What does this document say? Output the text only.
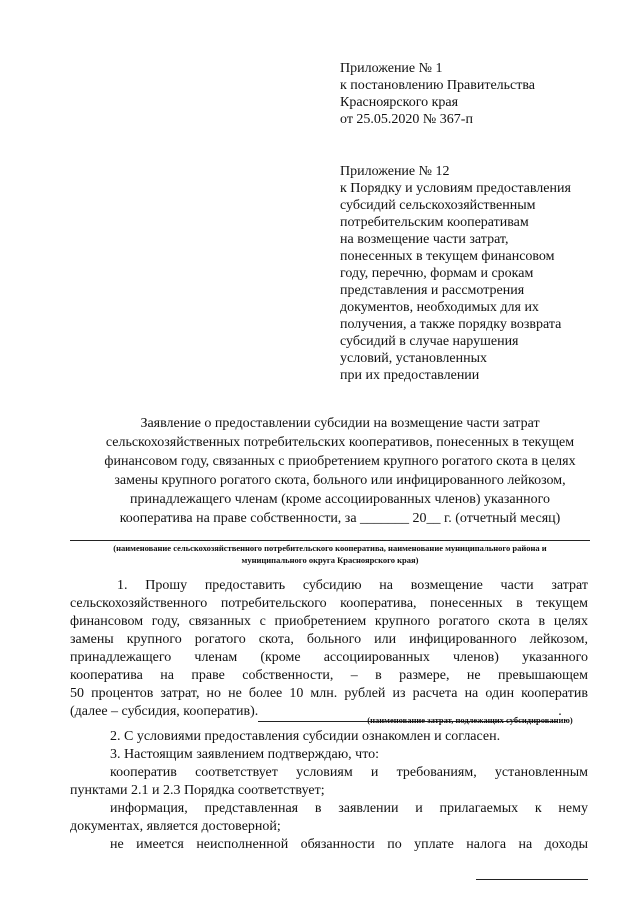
Приложение № 1
к постановлению Правительства
Красноярского края
от 25.05.2020 № 367-п
Приложение № 12
к Порядку и условиям предоставления
субсидий сельскохозяйственным
потребительским кооперативам
на возмещение части затрат,
понесенных в текущем финансовом
году, перечню, формам и срокам
представления и рассмотрения
документов, необходимых для их
получения, а также порядку возврата
субсидий в случае нарушения
условий, установленных
при их предоставлении
Заявление о предоставлении субсидии на возмещение части затрат
сельскохозяйственных потребительских кооперативов, понесенных в текущем
финансовом году, связанных с приобретением крупного рогатого скота в целях
замены крупного рогатого скота, больного или инфицированного лейкозом,
принадлежащего членам (кроме ассоциированных членов) указанного
кооператива на праве собственности, за _______ 20__ г. (отчетный месяц)
(наименование сельскохозяйственного потребительского кооператива, наименование муниципального района и
муниципального округа Красноярского края)
1. Прошу предоставить субсидию на возмещение части затрат
сельскохозяйственного потребительского кооператива, понесенных в текущем
финансовом году, связанных с приобретением крупного рогатого скота в целях
замены крупного рогатого скота, больного или инфицированного лейкозом,
принадлежащего членам (кроме ассоциированных членов) указанного
кооператива на праве собственности, – в размере, не превышающем
50 процентов затрат, но не более 10 млн. рублей из расчета на один кооператив
(далее – субсидия, кооператив).	.
(наименование затрат, подлежащих субсидированию)
2. С условиями предоставления субсидии ознакомлен и согласен.
3. Настоящим заявлением подтверждаю, что:
кооператив соответствует условиям и требованиям, установленным
пунктами 2.1 и 2.3 Порядка соответствует;
информация, представленная в заявлении и прилагаемых к нему
документах, является достоверной;
не имеется неисполненной обязанности по уплате налога на доходы
